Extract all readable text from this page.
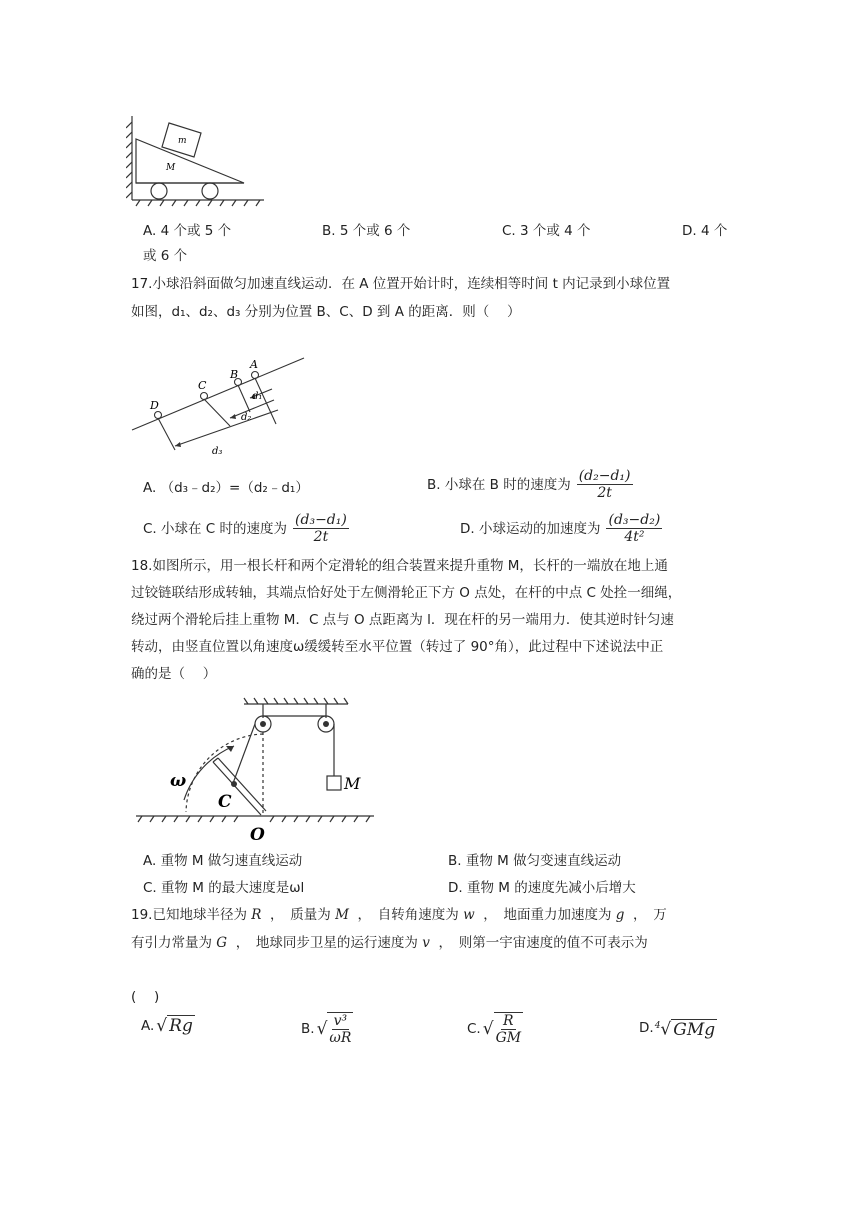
m
M
A. 4 个或 5 个	B. 5 个或 6 个	C. 3 个或 4 个	D. 4 个
或 6 个
17.小球沿斜面做匀加速直线运动．在 A 位置开始计时，连续相等时间 t 内记录到小球位置
如图，d₁、d₂、d₃ 分别为位置 B、C、D 到 A 的距离．则（　 ）
D
C
B
A
d₁
d₂
d₃
A. （d₃﹣d₂）=（d₂﹣d₁）	B. 小球在 B 时的速度为 $\frac{\text{(d₂−d₁)}}{2t}$
C. 小球在 C 时的速度为 $\frac{\text{(d₃−d₁)}}{2t}$	D. 小球运动的加速度为 $\frac{\text{(d₃−d₂)}}{\text{4t²}}$
18.如图所示，用一根长杆和两个定滑轮的组合装置来提升重物 M，长杆的一端放在地上通
过铰链联结形成转轴，其端点恰好处于左侧滑轮正下方 O 点处，在杆的中点 C 处拴一细绳，
绕过两个滑轮后挂上重物 M．C 点与 O 点距离为 l．现在杆的另一端用力．使其逆时针匀速
转动，由竖直位置以角速度ω缓缓转至水平位置（转过了 90°角），此过程中下述说法中正
确的是（　 ）
ω
C
O
M
A. 重物 M 做匀速直线运动	B. 重物 M 做匀变速直线运动
C. 重物 M 的最大速度是ωl	D. 重物 M 的速度先减小后增大
19.已知地球半径为 R ，　质量为 M ，　自转角速度为 w ，　地面重力加速度为 g ，　万
有引力常量为 G ，　地球同步卫星的运行速度为 v ，　则第一宇宙速度的值不可表示为
(　 )
A. √ Rg	B. √ $\frac{\text{v³}}{\omega R}$	C. √ $\frac{R}{GM}$	D. $^4$√ GMg
